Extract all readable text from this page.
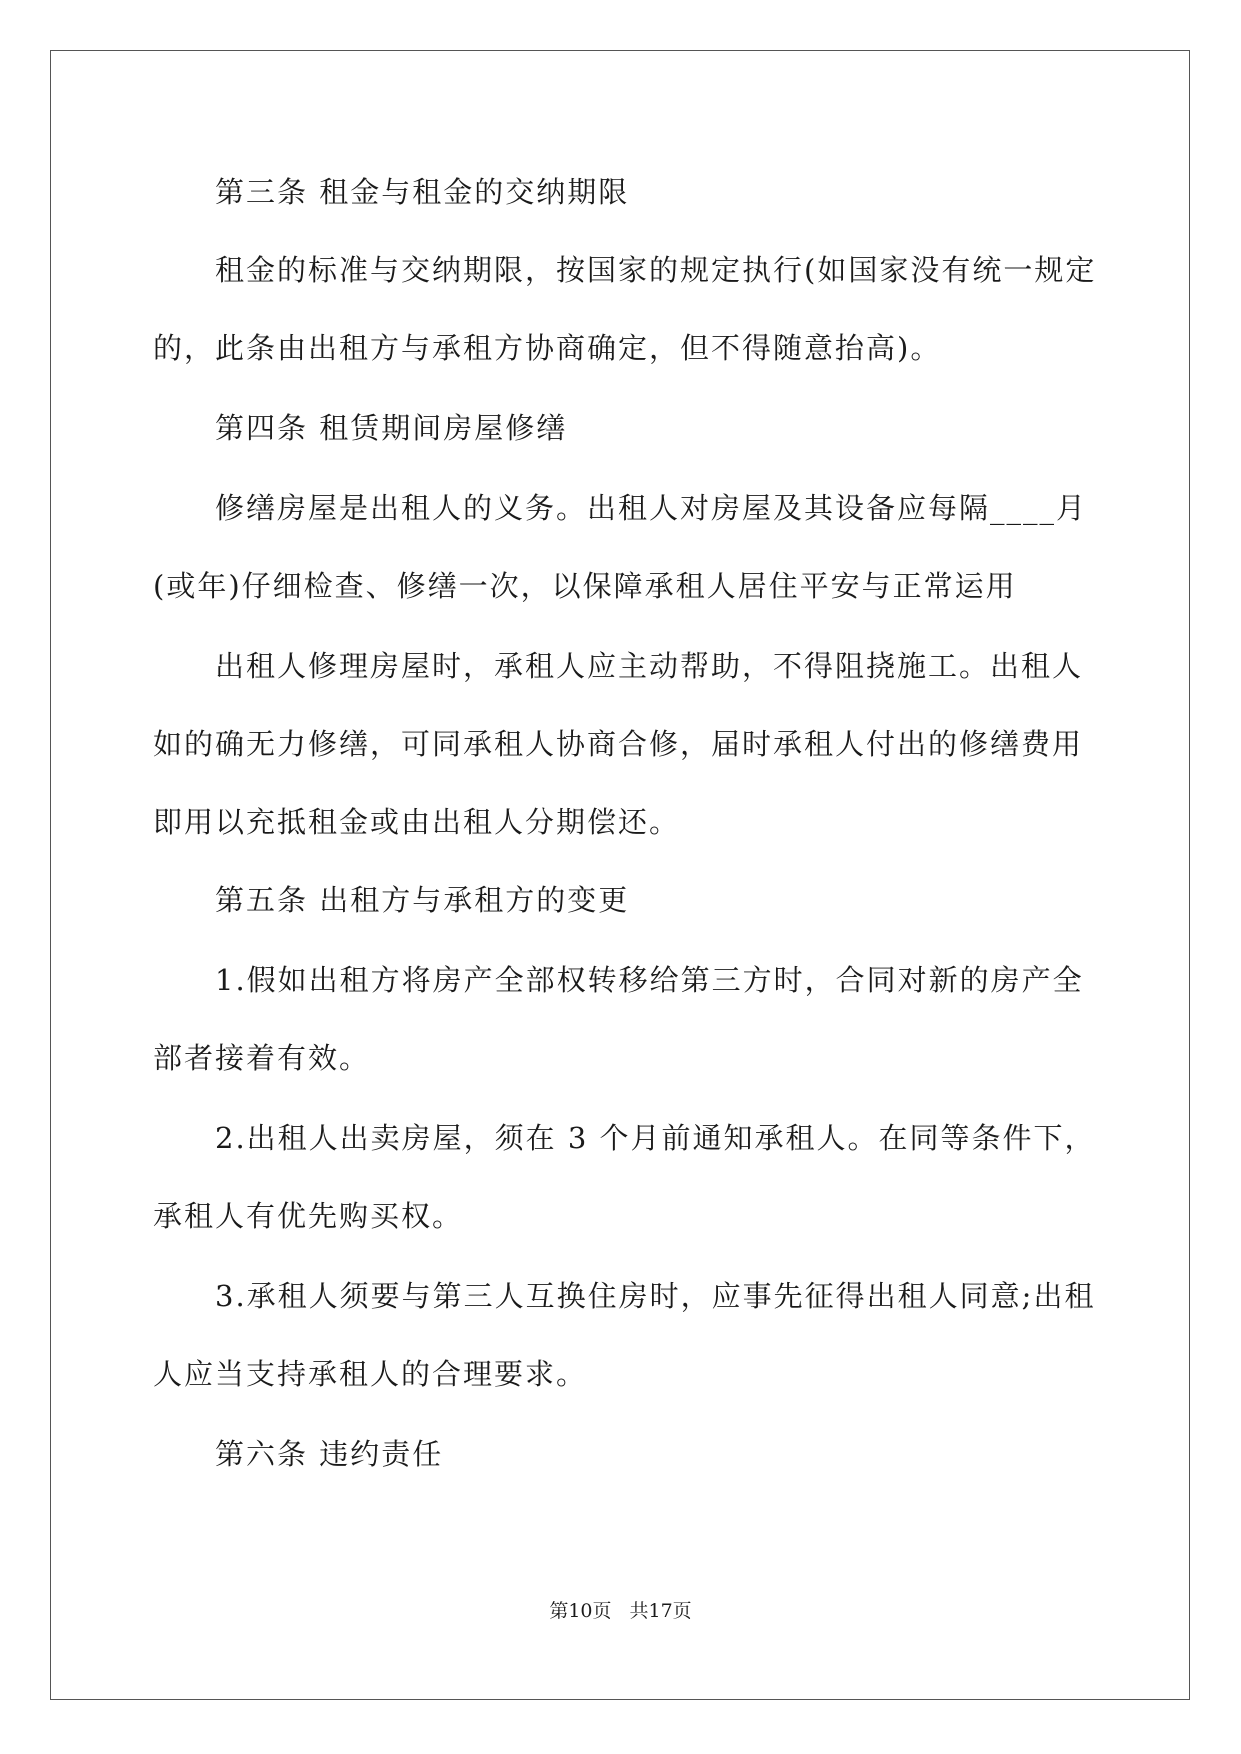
第三条 租金与租金的交纳期限
租金的标准与交纳期限，按国家的规定执行(如国家没有统一规定
的，此条由出租方与承租方协商确定，但不得随意抬高)。
第四条 租赁期间房屋修缮
修缮房屋是出租人的义务。出租人对房屋及其设备应每隔____月
(或年)仔细检查、修缮一次，以保障承租人居住平安与正常运用
出租人修理房屋时，承租人应主动帮助，不得阻挠施工。出租人
如的确无力修缮，可同承租人协商合修，届时承租人付出的修缮费用
即用以充抵租金或由出租人分期偿还。
第五条 出租方与承租方的变更
1.假如出租方将房产全部权转移给第三方时，合同对新的房产全
部者接着有效。
2.出租人出卖房屋，须在 3 个月前通知承租人。在同等条件下，
承租人有优先购买权。
3.承租人须要与第三人互换住房时，应事先征得出租人同意;出租
人应当支持承租人的合理要求。
第六条 违约责任
第10页 共17页
